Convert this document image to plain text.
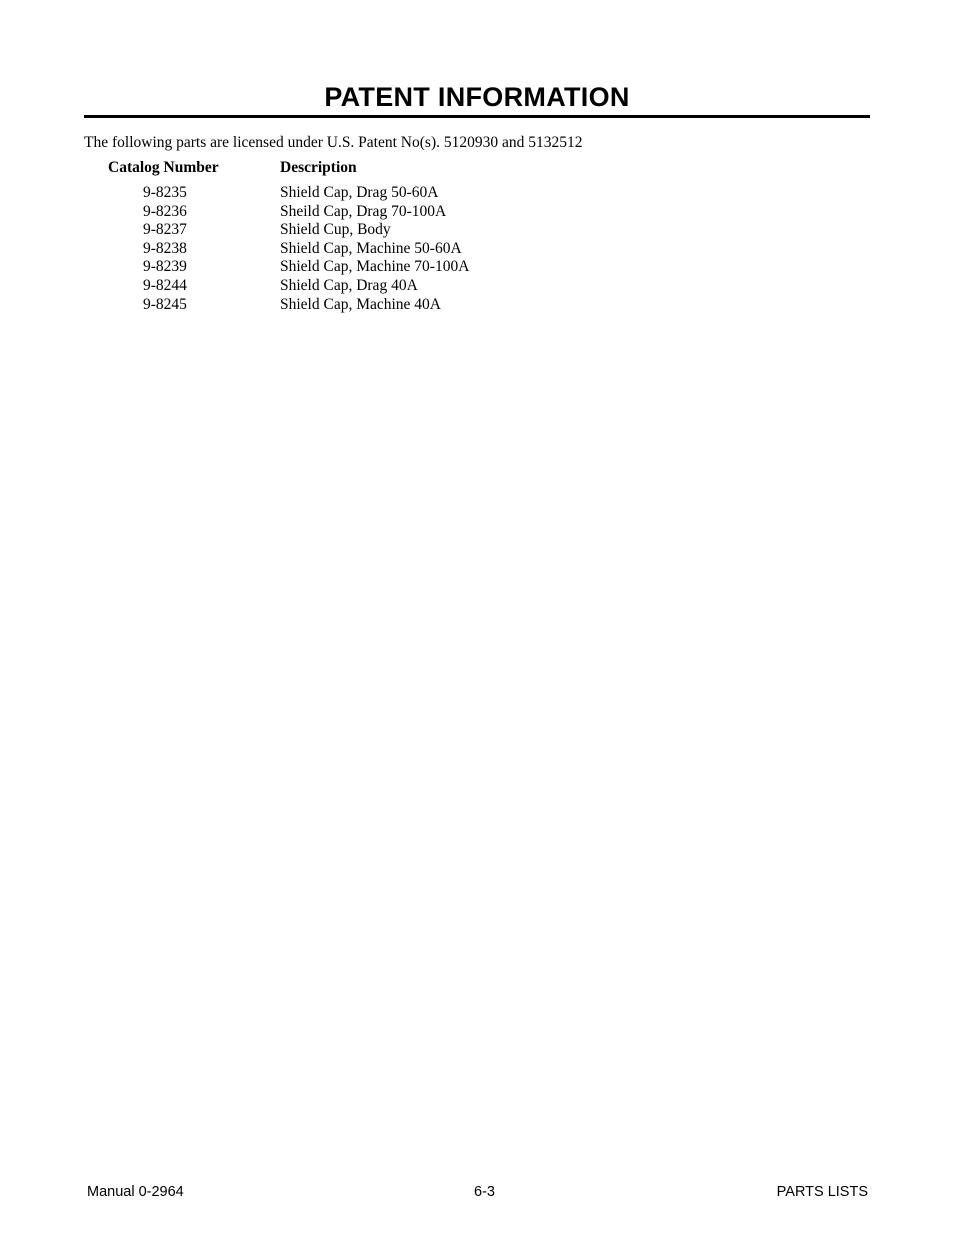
PATENT INFORMATION

The following parts are licensed under U.S. Patent No(s). 5120930 and 5132512

Catalog Number	Description
9-8235	Shield Cap, Drag 50-60A
9-8236	Sheild Cap, Drag 70-100A
9-8237	Shield Cup, Body
9-8238	Shield Cap, Machine 50-60A
9-8239	Shield Cap, Machine 70-100A
9-8244	Shield Cap, Drag 40A
9-8245	Shield Cap, Machine 40A
Manual 0-2964	6-3	PARTS LISTS
